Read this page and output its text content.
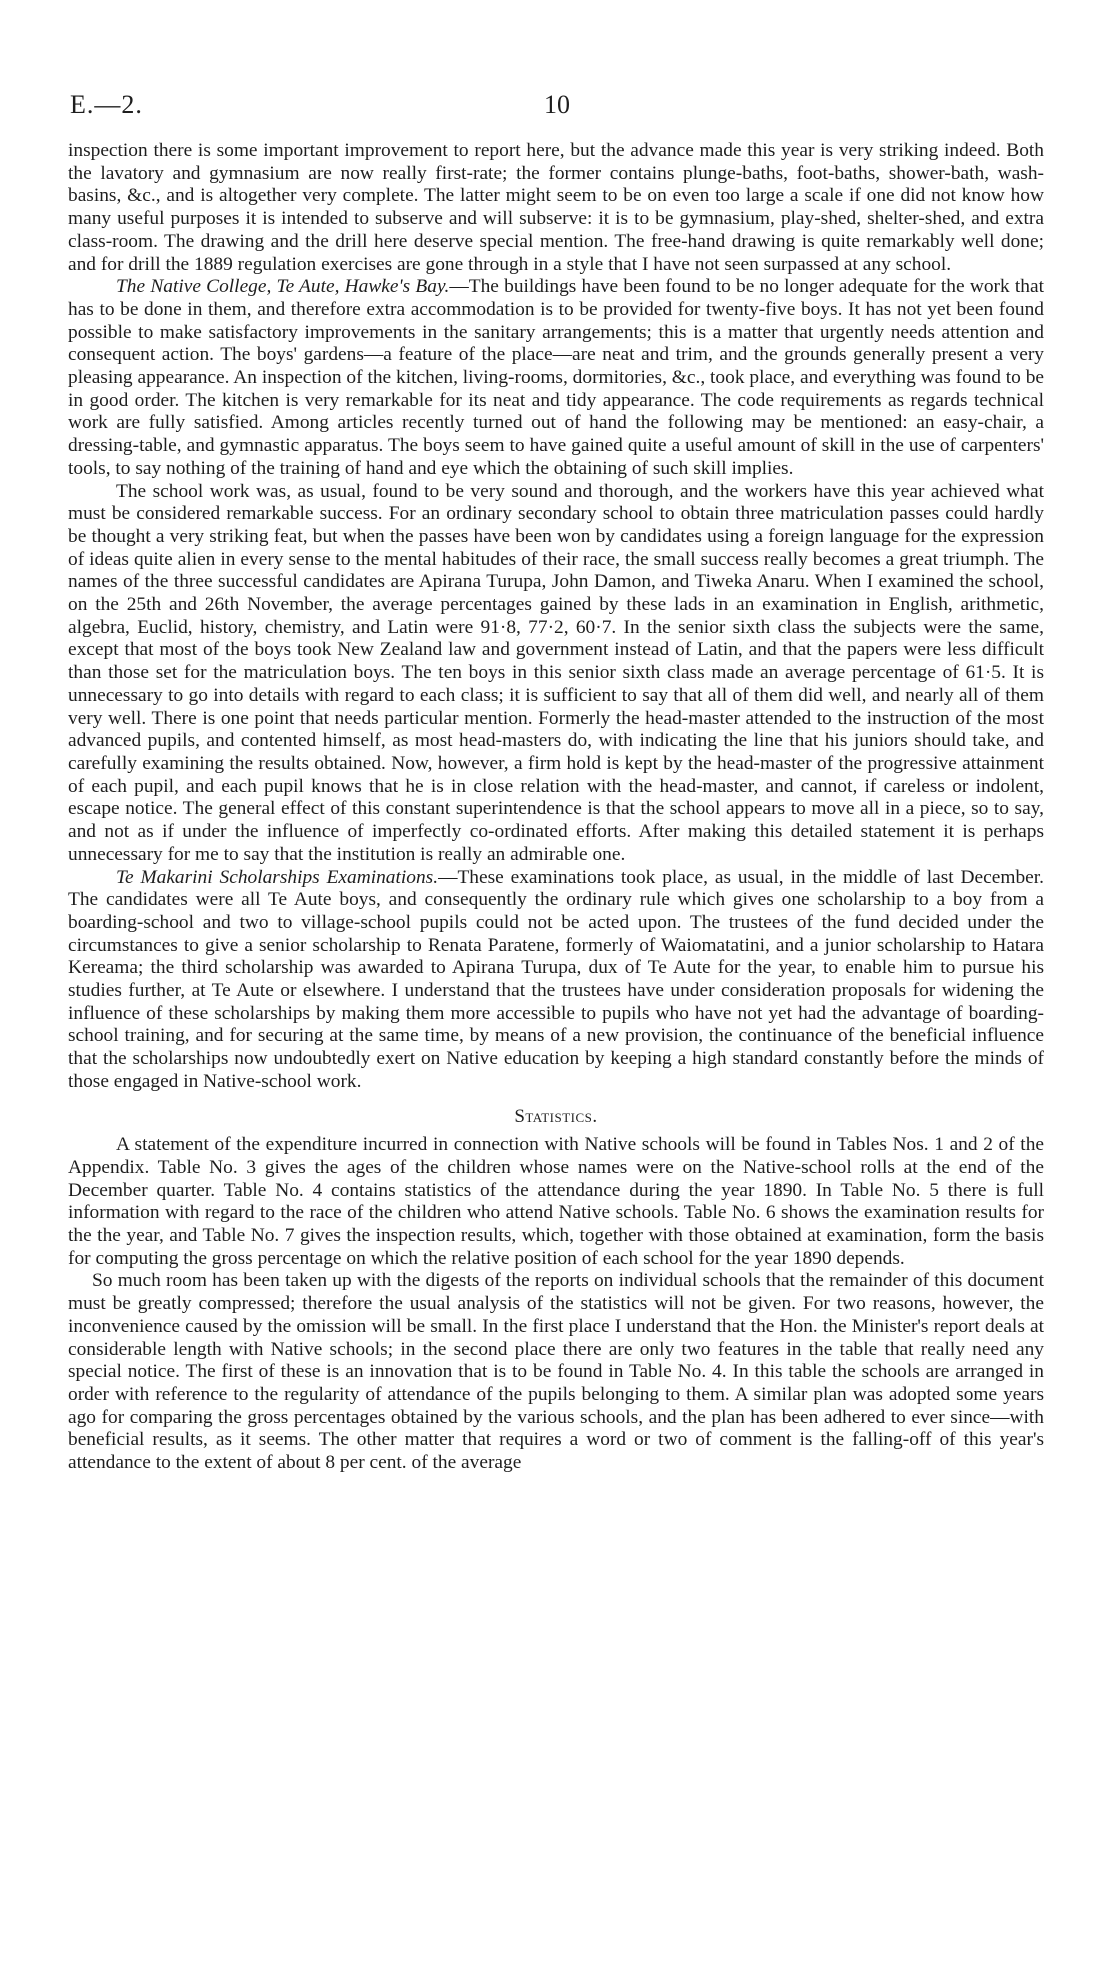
E.—2.	10

inspection there is some important improvement to report here, but the advance made this year is very striking indeed. Both the lavatory and gymnasium are now really first-rate; the former contains plunge-baths, foot-baths, shower-bath, wash-basins, &c., and is altogether very complete. The latter might seem to be on even too large a scale if one did not know how many useful purposes it is intended to subserve and will subserve: it is to be gymnasium, play-shed, shelter-shed, and extra class-room. The drawing and the drill here deserve special mention. The free-hand drawing is quite remarkably well done; and for drill the 1889 regulation exercises are gone through in a style that I have not seen surpassed at any school.

The Native College, Te Aute, Hawke's Bay.—The buildings have been found to be no longer adequate for the work that has to be done in them, and therefore extra accommodation is to be provided for twenty-five boys. It has not yet been found possible to make satisfactory improvements in the sanitary arrangements; this is a matter that urgently needs attention and consequent action. The boys' gardens—a feature of the place—are neat and trim, and the grounds generally present a very pleasing appearance. An inspection of the kitchen, living-rooms, dormitories, &c., took place, and everything was found to be in good order. The kitchen is very remarkable for its neat and tidy appearance. The code requirements as regards technical work are fully satisfied. Among articles recently turned out of hand the following may be mentioned: an easy-chair, a dressing-table, and gymnastic apparatus. The boys seem to have gained quite a useful amount of skill in the use of carpenters' tools, to say nothing of the training of hand and eye which the obtaining of such skill implies.

The school work was, as usual, found to be very sound and thorough, and the workers have this year achieved what must be considered remarkable success. For an ordinary secondary school to obtain three matriculation passes could hardly be thought a very striking feat, but when the passes have been won by candidates using a foreign language for the expression of ideas quite alien in every sense to the mental habitudes of their race, the small success really becomes a great triumph. The names of the three successful candidates are Apirana Turupa, John Damon, and Tiweka Anaru. When I examined the school, on the 25th and 26th November, the average percentages gained by these lads in an examination in English, arithmetic, algebra, Euclid, history, chemistry, and Latin were 91·8, 77·2, 60·7. In the senior sixth class the subjects were the same, except that most of the boys took New Zealand law and government instead of Latin, and that the papers were less difficult than those set for the matriculation boys. The ten boys in this senior sixth class made an average percentage of 61·5. It is unnecessary to go into details with regard to each class; it is sufficient to say that all of them did well, and nearly all of them very well. There is one point that needs particular mention. Formerly the head-master attended to the instruction of the most advanced pupils, and contented himself, as most head-masters do, with indicating the line that his juniors should take, and carefully examining the results obtained. Now, however, a firm hold is kept by the head-master of the progressive attainment of each pupil, and each pupil knows that he is in close relation with the head-master, and cannot, if careless or indolent, escape notice. The general effect of this constant superintendence is that the school appears to move all in a piece, so to say, and not as if under the influence of imperfectly co-ordinated efforts. After making this detailed statement it is perhaps unnecessary for me to say that the institution is really an admirable one.

Te Makarini Scholarships Examinations.—These examinations took place, as usual, in the middle of last December. The candidates were all Te Aute boys, and consequently the ordinary rule which gives one scholarship to a boy from a boarding-school and two to village-school pupils could not be acted upon. The trustees of the fund decided under the circumstances to give a senior scholarship to Renata Paratene, formerly of Waiomatatini, and a junior scholarship to Hatara Kereama; the third scholarship was awarded to Apirana Turupa, dux of Te Aute for the year, to enable him to pursue his studies further, at Te Aute or elsewhere. I understand that the trustees have under consideration proposals for widening the influence of these scholarships by making them more accessible to pupils who have not yet had the advantage of boarding-school training, and for securing at the same time, by means of a new provision, the continuance of the beneficial influence that the scholarships now undoubtedly exert on Native education by keeping a high standard constantly before the minds of those engaged in Native-school work.

Statistics.

A statement of the expenditure incurred in connection with Native schools will be found in Tables Nos. 1 and 2 of the Appendix. Table No. 3 gives the ages of the children whose names were on the Native-school rolls at the end of the December quarter. Table No. 4 contains statistics of the attendance during the year 1890. In Table No. 5 there is full information with regard to the race of the children who attend Native schools. Table No. 6 shows the examination results for the the year, and Table No. 7 gives the inspection results, which, together with those obtained at examination, form the basis for computing the gross percentage on which the relative position of each school for the year 1890 depends.

So much room has been taken up with the digests of the reports on individual schools that the remainder of this document must be greatly compressed; therefore the usual analysis of the statistics will not be given. For two reasons, however, the inconvenience caused by the omission will be small. In the first place I understand that the Hon. the Minister's report deals at considerable length with Native schools; in the second place there are only two features in the table that really need any special notice. The first of these is an innovation that is to be found in Table No. 4. In this table the schools are arranged in order with reference to the regularity of attendance of the pupils belonging to them. A similar plan was adopted some years ago for comparing the gross percentages obtained by the various schools, and the plan has been adhered to ever since—with beneficial results, as it seems. The other matter that requires a word or two of comment is the falling-off of this year's attendance to the extent of about 8 per cent. of the average
